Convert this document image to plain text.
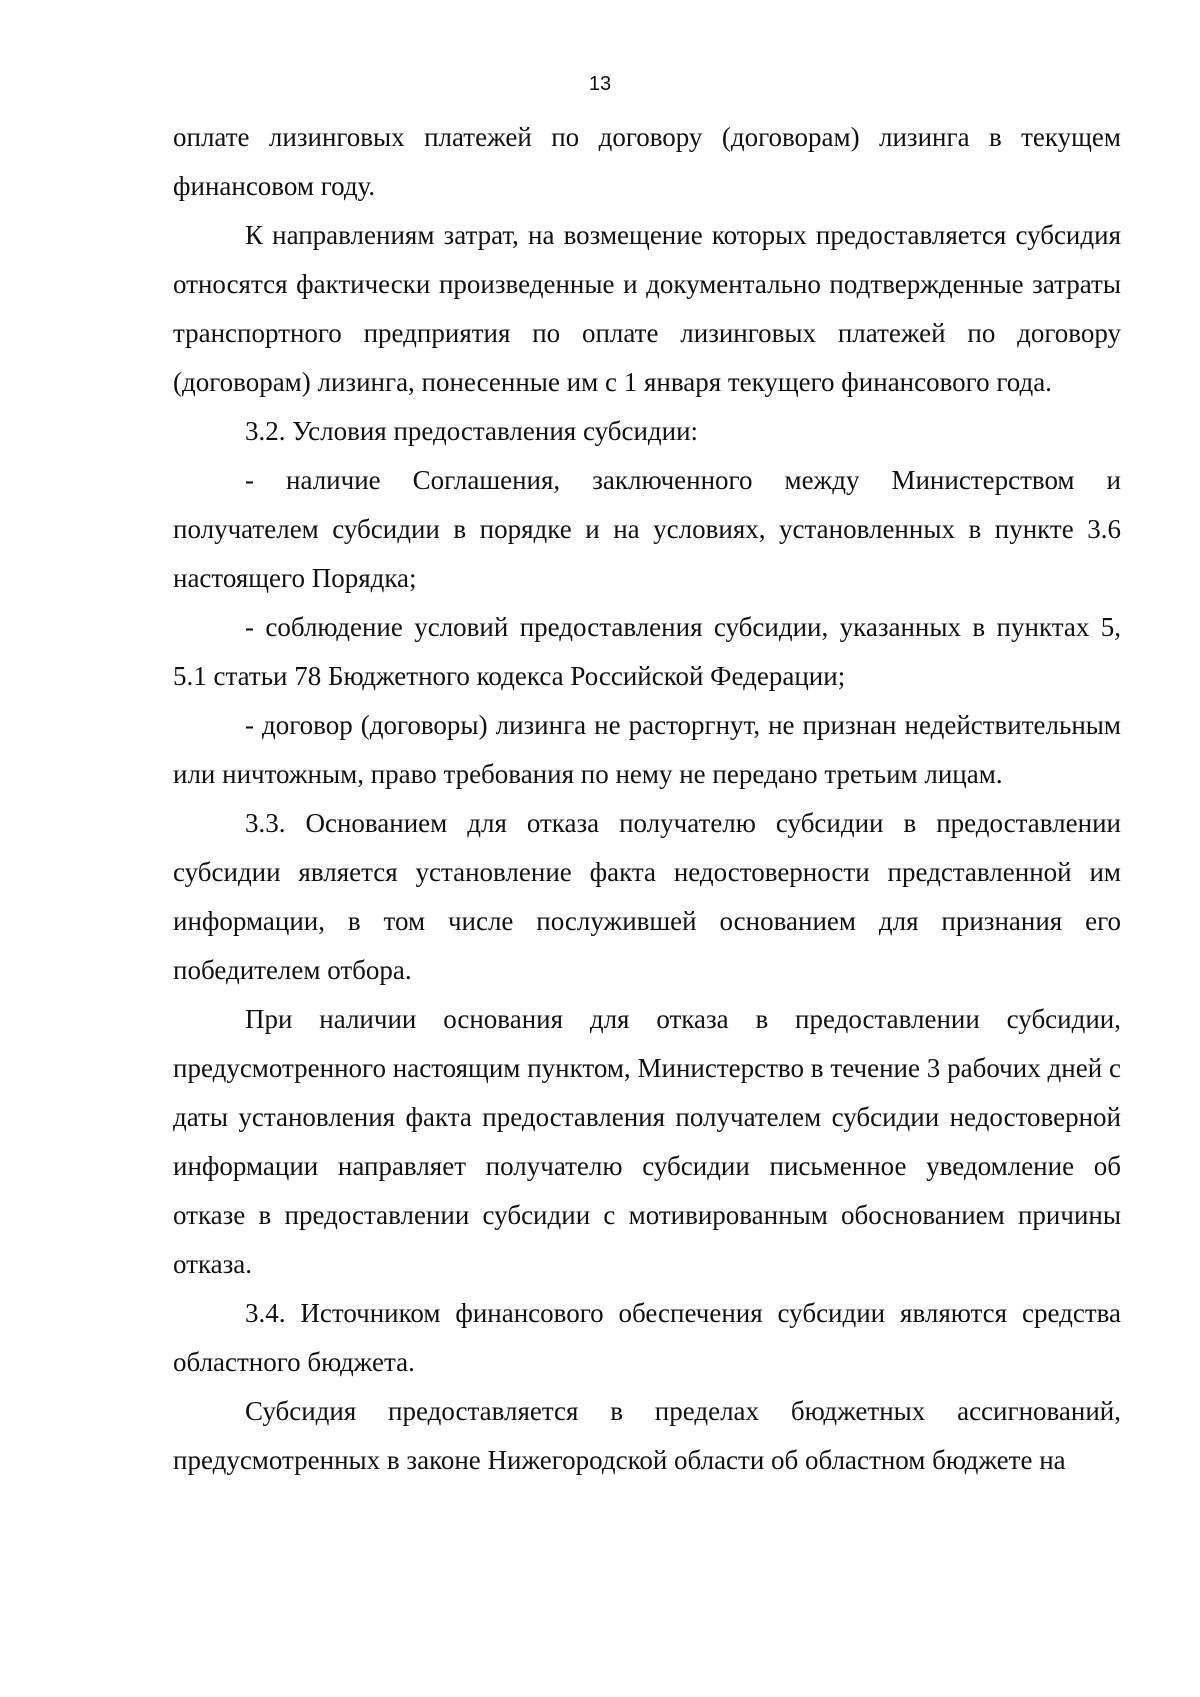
13

оплате лизинговых платежей по договору (договорам) лизинга в текущем финансовом году.

К направлениям затрат, на возмещение которых предоставляется субсидия относятся фактически произведенные и документально подтвержденные затраты транспортного предприятия по оплате лизинговых платежей по договору (договорам) лизинга, понесенные им с 1 января текущего финансового года.

3.2. Условия предоставления субсидии:

- наличие Соглашения, заключенного между Министерством и получателем субсидии в порядке и на условиях, установленных в пункте 3.6 настоящего Порядка;

- соблюдение условий предоставления субсидии, указанных в пунктах 5, 5.1 статьи 78 Бюджетного кодекса Российской Федерации;

- договор (договоры) лизинга не расторгнут, не признан недействительным или ничтожным, право требования по нему не передано третьим лицам.

3.3. Основанием для отказа получателю субсидии в предоставлении субсидии является установление факта недостоверности представленной им информации, в том числе послужившей основанием для признания его победителем отбора.

При наличии основания для отказа в предоставлении субсидии, предусмотренного настоящим пунктом, Министерство в течение 3 рабочих дней с даты установления факта предоставления получателем субсидии недостоверной информации направляет получателю субсидии письменное уведомление об отказе в предоставлении субсидии с мотивированным обоснованием причины отказа.

3.4. Источником финансового обеспечения субсидии являются средства областного бюджета.

Субсидия предоставляется в пределах бюджетных ассигнований, предусмотренных в законе Нижегородской области об областном бюджете на
